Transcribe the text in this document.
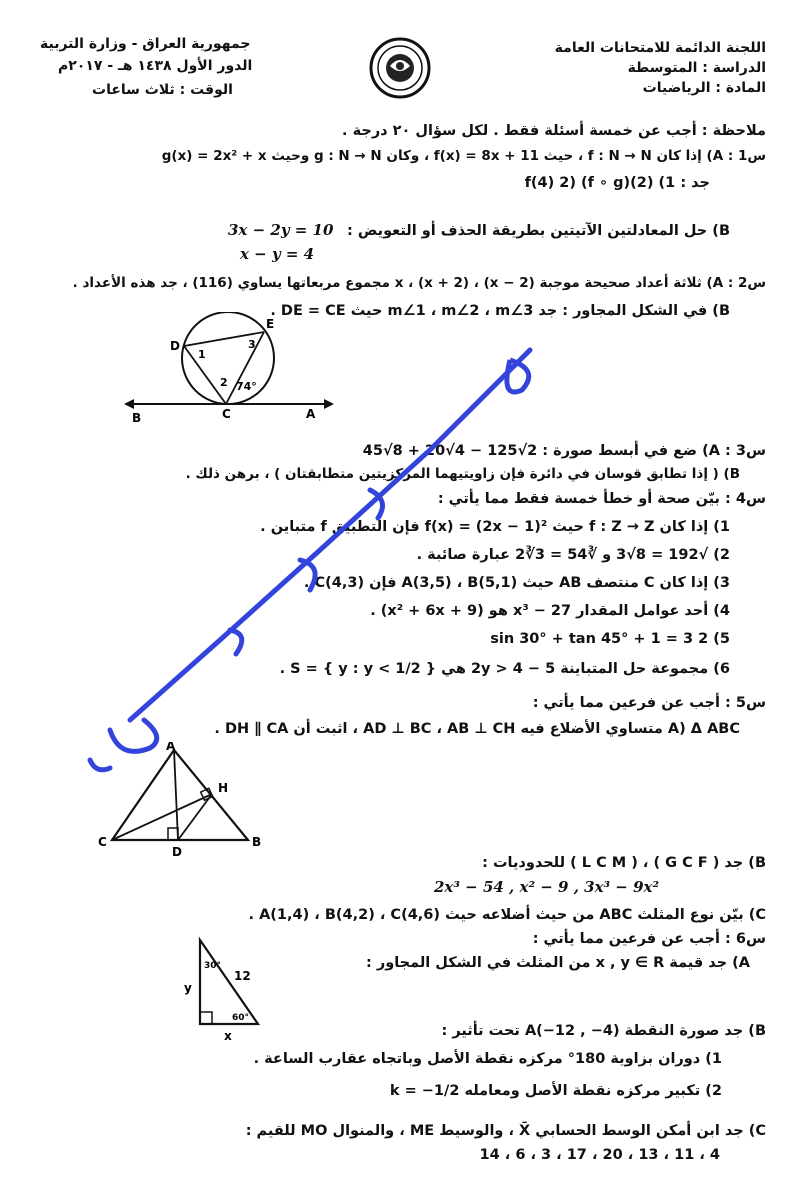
اللجنة الدائمة للامتحانات العامة
الدراسة : المتوسطة
المادة : الرياضيات
جمهورية العراق - وزارة التربية
الدور الأول ١٤٣٨ هـ - ٢٠١٧م
الوقت : ثلاث ساعات
ملاحظة : أجب عن خمسة أسئلة فقط . لكل سؤال ٢٠ درجة .
س1 : A) إذا كان f : N → N ، حيث f(x) = 8x + 11 ، وكان g : N → N وحيث g(x) = 2x² + x
جد : 1) f(4) 2) (f ∘ g)(2)
B) حل المعادلتين الآتيتين بطريقة الحذف أو التعويض :
3x − 2y = 10
x − y = 4
س2 : A) ثلاثة أعداد صحيحة موجبة (x − 2) ، x ، (x + 2) مجموع مربعاتها يساوي (116) ، جد هذه الأعداد .
B) في الشكل المجاور : جد m∠1 ، m∠2 ، m∠3 حيث DE = CE .
D
E
C	A
B
1
2
3
74°
س3 : A) ضع في أبسط صورة : 2√125 − 4√20 + 8√45
B) ( إذا تطابق قوسان في دائرة فإن زاويتيهما المركزيتين متطابقتان ) ، برهن ذلك .
س4 : بيّن صحة أو خطأ خمسة فقط مما يأتي :
1) إذا كان f : Z → Z حيث f(x) = (2x − 1)² فإن التطبيق f متباين .
2) √192 = 8√3 و ∛54 = 3∛2 عبارة صائبة .
3) إذا كان C منتصف AB حيث A(3,5) ، B(5,1) فإن C(4,3) .
4) أحد عوامل المقدار x³ − 27 هو (x² + 6x + 9) .
5) 2 sin 30° + tan 45° + 1 = 3
6) مجموعة حل المتباينة 5 − 2y > 4 هي S = { y : y < 1/2 } .
س5 : أجب عن فرعين مما يأتي :
A) Δ ABC متساوي الأضلاع فيه AD ⊥ BC ، AB ⊥ CH ، اثبت أن DH ∥ CA .
A
B
C
D
H
B) جد ( G C F ) ، ( L C M ) للحدوديات :
2x³ − 54 , x² − 9 , 3x³ − 9x²
C) بيّن نوع المثلث ABC من حيث أضلاعه حيث A(1,4) ، B(4,2) ، C(4,6) .
س6 : أجب عن فرعين مما يأتي :
A) جد قيمة x , y ∈ R من المثلث في الشكل المجاور :
y
x
12
30°
60°
B) جد صورة النقطة A(−12 , −4) تحت تأثير :
1) دوران بزاوية 180° مركزه نقطة الأصل وباتجاه عقارب الساعة .
2) تكبير مركزه نقطة الأصل ومعامله k = −1/2
C) جد ابن أمكن الوسط الحسابي X̄ ، والوسيط ME ، والمنوال MO للقيم :
4 ، 11 ، 13 ، 20 ، 17 ، 3 ، 6 ، 14
